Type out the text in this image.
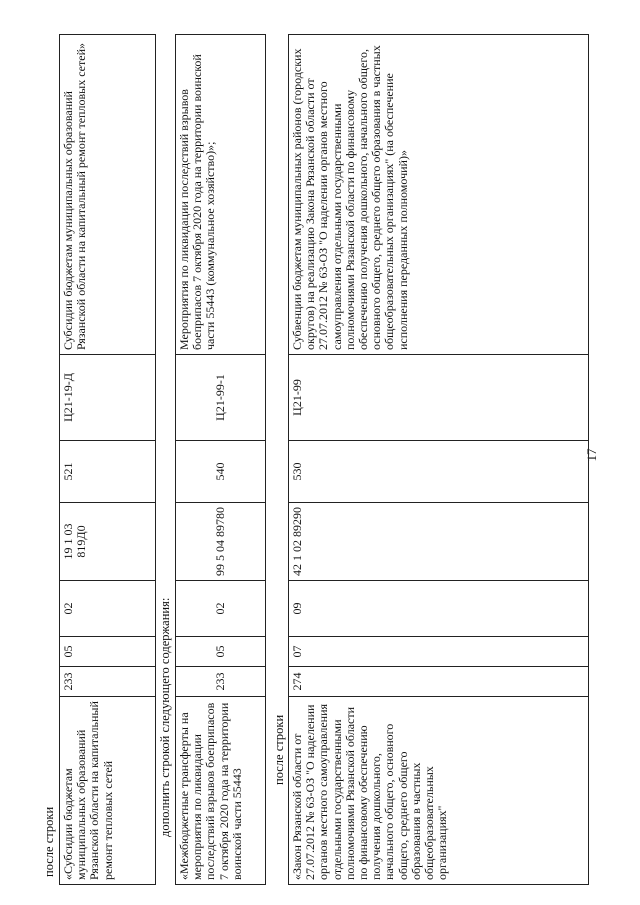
17
после строки «Субсидии бюджетам муниципальных образований Рязанской области на капитальный ремонт тепловых сетей	233	05	02	19 1 03 819Д0	521	Ц21-19-Д	Субсидии бюджетам муниципальных образований Рязанской области на капитальный ремонт тепловых сетей»
дополнить строкой следующего содержания: «Межбюджетные трансферты на мероприятия по ликвидации последствий взрывов боеприпасов 7 октября 2020 года на территории воинской части 55443	233	05	02	99 5 04 89780	540	Ц21-99-1	Мероприятия по ликвидации последствий взрывов боеприпасов 7 октября 2020 года на территории воинской части 55443 (коммунальное хозяйство)»;
после строки «Закон Рязанской области от 27.07.2012 № 63-ОЗ "О наделении органов местного самоуправления отдельными государственными полномочиями Рязанской области по финансовому обеспечению получения дошкольного, начального общего, основного общего, среднего общего образования в частных общеобразовательных организациях"	274	07	09	42 1 02 89290	530	Ц21-99	Субвенции бюджетам муниципальных районов (городских округов) на реализацию Закона Рязанской области от 27.07.2012 № 63-ОЗ "О наделении органов местного самоуправления отдельными государственными полномочиями Рязанской области по финансовому обеспечению получения дошкольного, начального общего, основного общего, среднего общего образования в частных общеобразовательных организациях" (на обеспечение исполнения переданных полномочий)»
